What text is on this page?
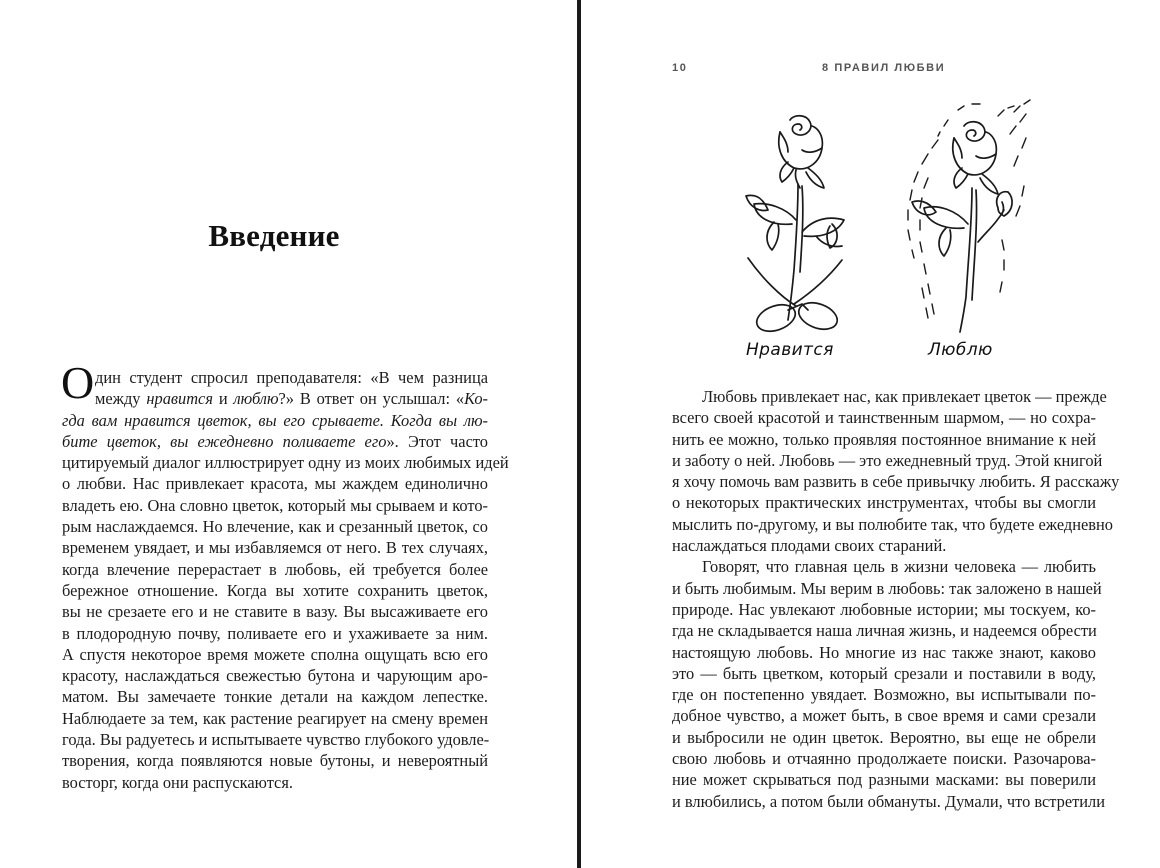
Введение
О дин студент спросил преподавателя: «В чем разница
между нравится и люблю?» В ответ он услышал: «Ко-
гда вам нравится цветок, вы его срываете. Когда вы лю-
бите цветок, вы ежедневно поливаете его». Этот часто
цитируемый диалог иллюстрирует одну из моих любимых идей
о любви. Нас привлекает красота, мы жаждем единолично
владеть ею. Она словно цветок, который мы срываем и кото-
рым наслаждаемся. Но влечение, как и срезанный цветок, со
временем увядает, и мы избавляемся от него. В тех случаях,
когда влечение перерастает в любовь, ей требуется более
бережное отношение. Когда вы хотите сохранить цветок,
вы не срезаете его и не ставите в вазу. Вы высаживаете его
в плодородную почву, поливаете его и ухаживаете за ним.
А спустя некоторое время можете сполна ощущать всю его
красоту, наслаждаться свежестью бутона и чарующим аро-
матом. Вы замечаете тонкие детали на каждом лепестке.
Наблюдаете за тем, как растение реагирует на смену времен
года. Вы радуетесь и испытываете чувство глубокого удовле-
творения, когда появляются новые бутоны, и невероятный
восторг, когда они распускаются.
10	8 ПРАВИЛ ЛЮБВИ
Нравится	Люблю
Любовь привлекает нас, как привлекает цветок — прежде
всего своей красотой и таинственным шармом, — но сохра-
нить ее можно, только проявляя постоянное внимание к ней
и заботу о ней. Любовь — это ежедневный труд. Этой книгой
я хочу помочь вам развить в себе привычку любить. Я расскажу
о некоторых практических инструментах, чтобы вы смогли
мыслить по-другому, и вы полюбите так, что будете ежедневно
наслаждаться плодами своих стараний.
Говорят, что главная цель в жизни человека — любить
и быть любимым. Мы верим в любовь: так заложено в нашей
природе. Нас увлекают любовные истории; мы тоскуем, ко-
гда не складывается наша личная жизнь, и надеемся обрести
настоящую любовь. Но многие из нас также знают, каково
это — быть цветком, который срезали и поставили в воду,
где он постепенно увядает. Возможно, вы испытывали по-
добное чувство, а может быть, в свое время и сами срезали
и выбросили не один цветок. Вероятно, вы еще не обрели
свою любовь и отчаянно продолжаете поиски. Разочарова-
ние может скрываться под разными масками: вы поверили
и влюбились, а потом были обмануты. Думали, что встретили
